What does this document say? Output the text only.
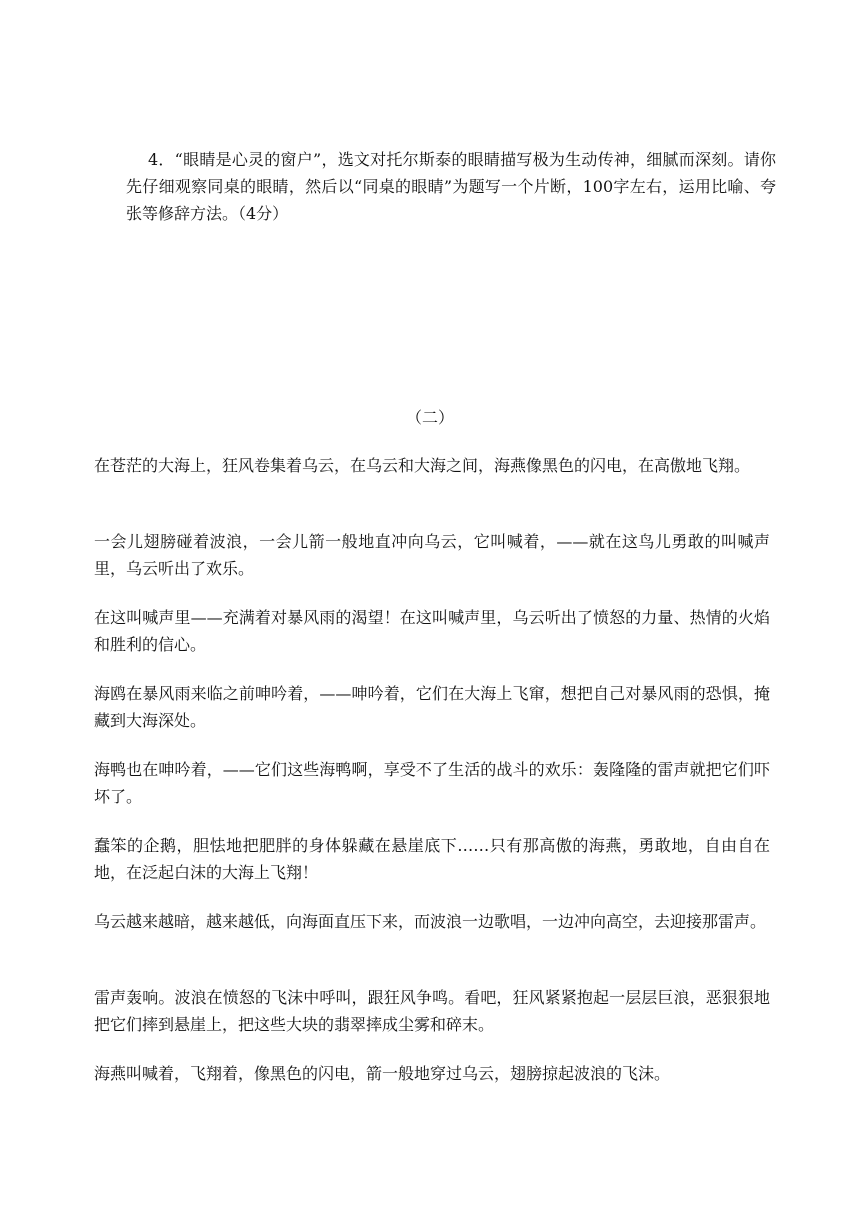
4．“眼睛是心灵的窗户”，选文对托尔斯泰的眼睛描写极为生动传神，细腻而深刻。请你先仔细观察同桌的眼睛，然后以“同桌的眼睛”为题写一个片断，100字左右，运用比喻、夸张等修辞方法。（4分）
（二）

在苍茫的大海上，狂风卷集着乌云，在乌云和大海之间，海燕像黑色的闪电，在高傲地飞翔。

一会儿翅膀碰着波浪，一会儿箭一般地直冲向乌云，它叫喊着，——就在这鸟儿勇敢的叫喊声里，乌云听出了欢乐。

在这叫喊声里——充满着对暴风雨的渴望！在这叫喊声里，乌云听出了愤怒的力量、热情的火焰和胜利的信心。

海鸥在暴风雨来临之前呻吟着，——呻吟着，它们在大海上飞窜，想把自己对暴风雨的恐惧，掩藏到大海深处。

海鸭也在呻吟着，——它们这些海鸭啊，享受不了生活的战斗的欢乐：轰隆隆的雷声就把它们吓坏了。

蠢笨的企鹅，胆怯地把肥胖的身体躲藏在悬崖底下……只有那高傲的海燕，勇敢地，自由自在地，在泛起白沫的大海上飞翔！

乌云越来越暗，越来越低，向海面直压下来，而波浪一边歌唱，一边冲向高空，去迎接那雷声。

雷声轰响。波浪在愤怒的飞沫中呼叫，跟狂风争鸣。看吧，狂风紧紧抱起一层层巨浪，恶狠狠地把它们摔到悬崖上，把这些大块的翡翠摔成尘雾和碎末。

海燕叫喊着，飞翔着，像黑色的闪电，箭一般地穿过乌云，翅膀掠起波浪的飞沫。
